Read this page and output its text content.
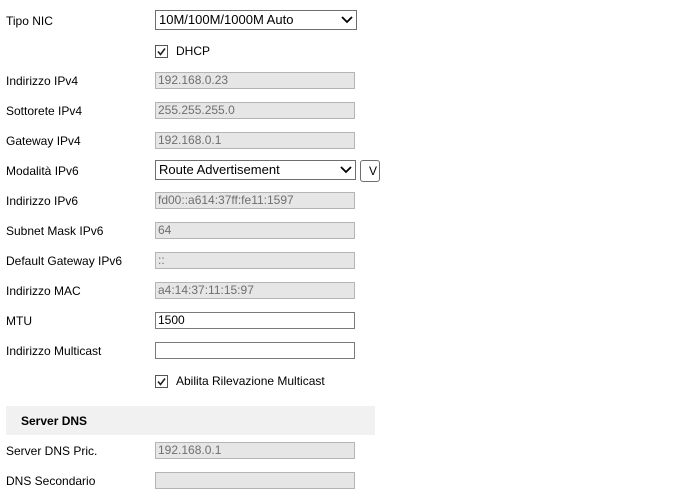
Tipo NIC	10M/100M/1000M Auto
DHCP
Indirizzo IPv4	192.168.0.23
Sottorete IPv4	255.255.255.0
Gateway IPv4	192.168.0.1
Modalità IPv6	Route Advertisement	V
Indirizzo IPv6	fd00::a614:37ff:fe11:1597
Subnet Mask IPv6	64
Default Gateway IPv6	::
Indirizzo MAC	a4:14:37:11:15:97
MTU	1500
Indirizzo Multicast
Abilita Rilevazione Multicast
Server DNS
Server DNS Pric.	192.168.0.1
DNS Secondario
